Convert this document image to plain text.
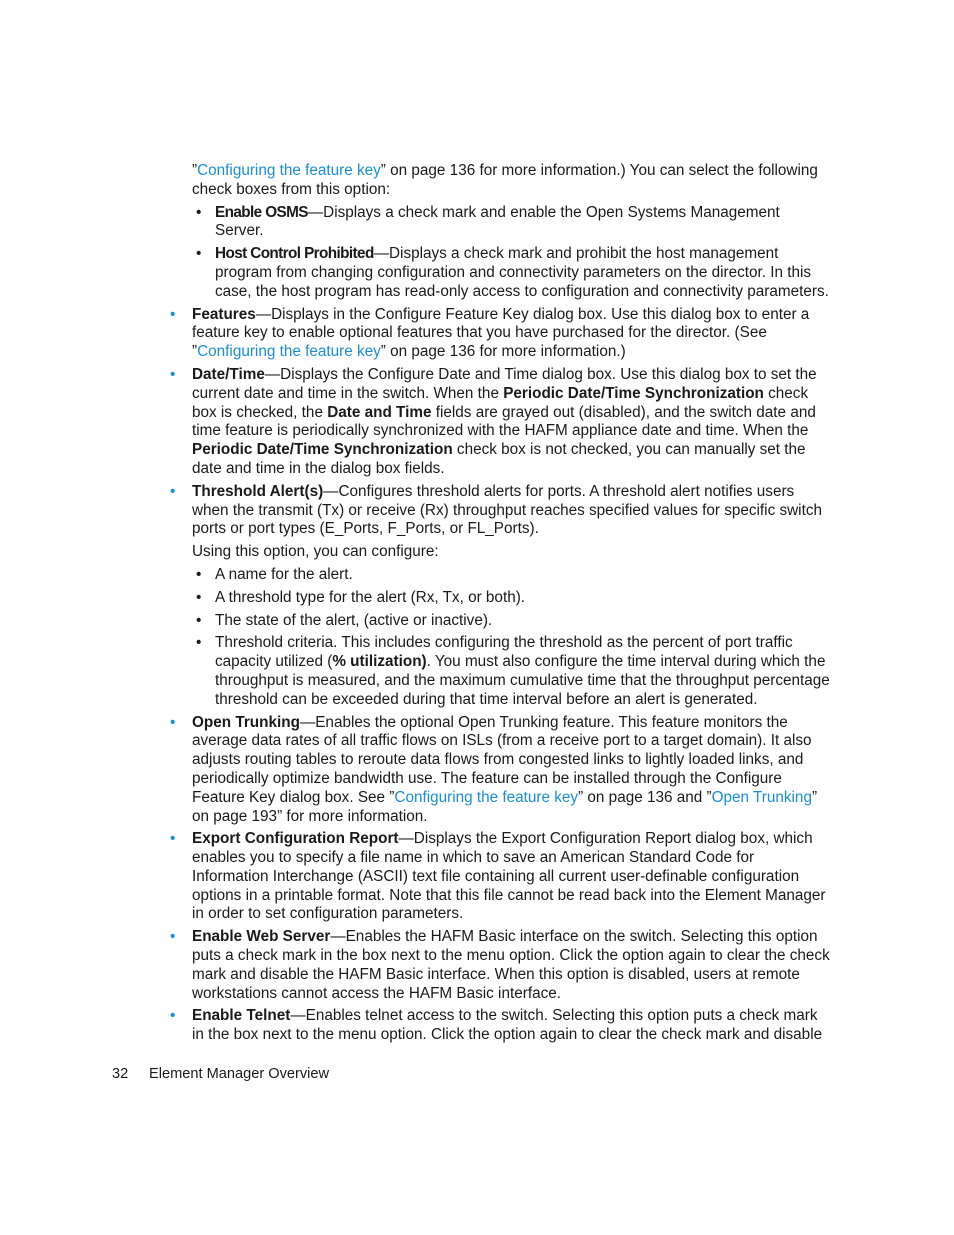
”Configuring the feature key” on page 136 for more information.) You can select the following check boxes from this option:

• Enable OSMS—Displays a check mark and enable the Open Systems Management Server.

• Host Control Prohibited—Displays a check mark and prohibit the host management program from changing configuration and connectivity parameters on the director. In this case, the host program has read-only access to configuration and connectivity parameters.

• Features—Displays in the Configure Feature Key dialog box. Use this dialog box to enter a feature key to enable optional features that you have purchased for the director. (See ”Configuring the feature key” on page 136 for more information.)

• Date/Time—Displays the Configure Date and Time dialog box. Use this dialog box to set the current date and time in the switch. When the Periodic Date/Time Synchronization check box is checked, the Date and Time fields are grayed out (disabled), and the switch date and time feature is periodically synchronized with the HAFM appliance date and time. When the Periodic Date/Time Synchronization check box is not checked, you can manually set the date and time in the dialog box fields.

• Threshold Alert(s)—Configures threshold alerts for ports. A threshold alert notifies users when the transmit (Tx) or receive (Rx) throughput reaches specified values for specific switch ports or port types (E_Ports, F_Ports, or FL_Ports).

Using this option, you can configure:

• A name for the alert.

• A threshold type for the alert (Rx, Tx, or both).

• The state of the alert, (active or inactive).

• Threshold criteria. This includes configuring the threshold as the percent of port traffic capacity utilized (% utilization). You must also configure the time interval during which the throughput is measured, and the maximum cumulative time that the throughput percentage threshold can be exceeded during that time interval before an alert is generated.

• Open Trunking—Enables the optional Open Trunking feature. This feature monitors the average data rates of all traffic flows on ISLs (from a receive port to a target domain). It also adjusts routing tables to reroute data flows from congested links to lightly loaded links, and periodically optimize bandwidth use. The feature can be installed through the Configure Feature Key dialog box. See ”Configuring the feature key” on page 136 and ”Open Trunking” on page 193” for more information.

• Export Configuration Report—Displays the Export Configuration Report dialog box, which enables you to specify a file name in which to save an American Standard Code for Information Interchange (ASCII) text file containing all current user-definable configuration options in a printable format. Note that this file cannot be read back into the Element Manager in order to set configuration parameters.

• Enable Web Server—Enables the HAFM Basic interface on the switch. Selecting this option puts a check mark in the box next to the menu option. Click the option again to clear the check mark and disable the HAFM Basic interface. When this option is disabled, users at remote workstations cannot access the HAFM Basic interface.

• Enable Telnet—Enables telnet access to the switch. Selecting this option puts a check mark in the box next to the menu option. Click the option again to clear the check mark and disable

32 Element Manager Overview
